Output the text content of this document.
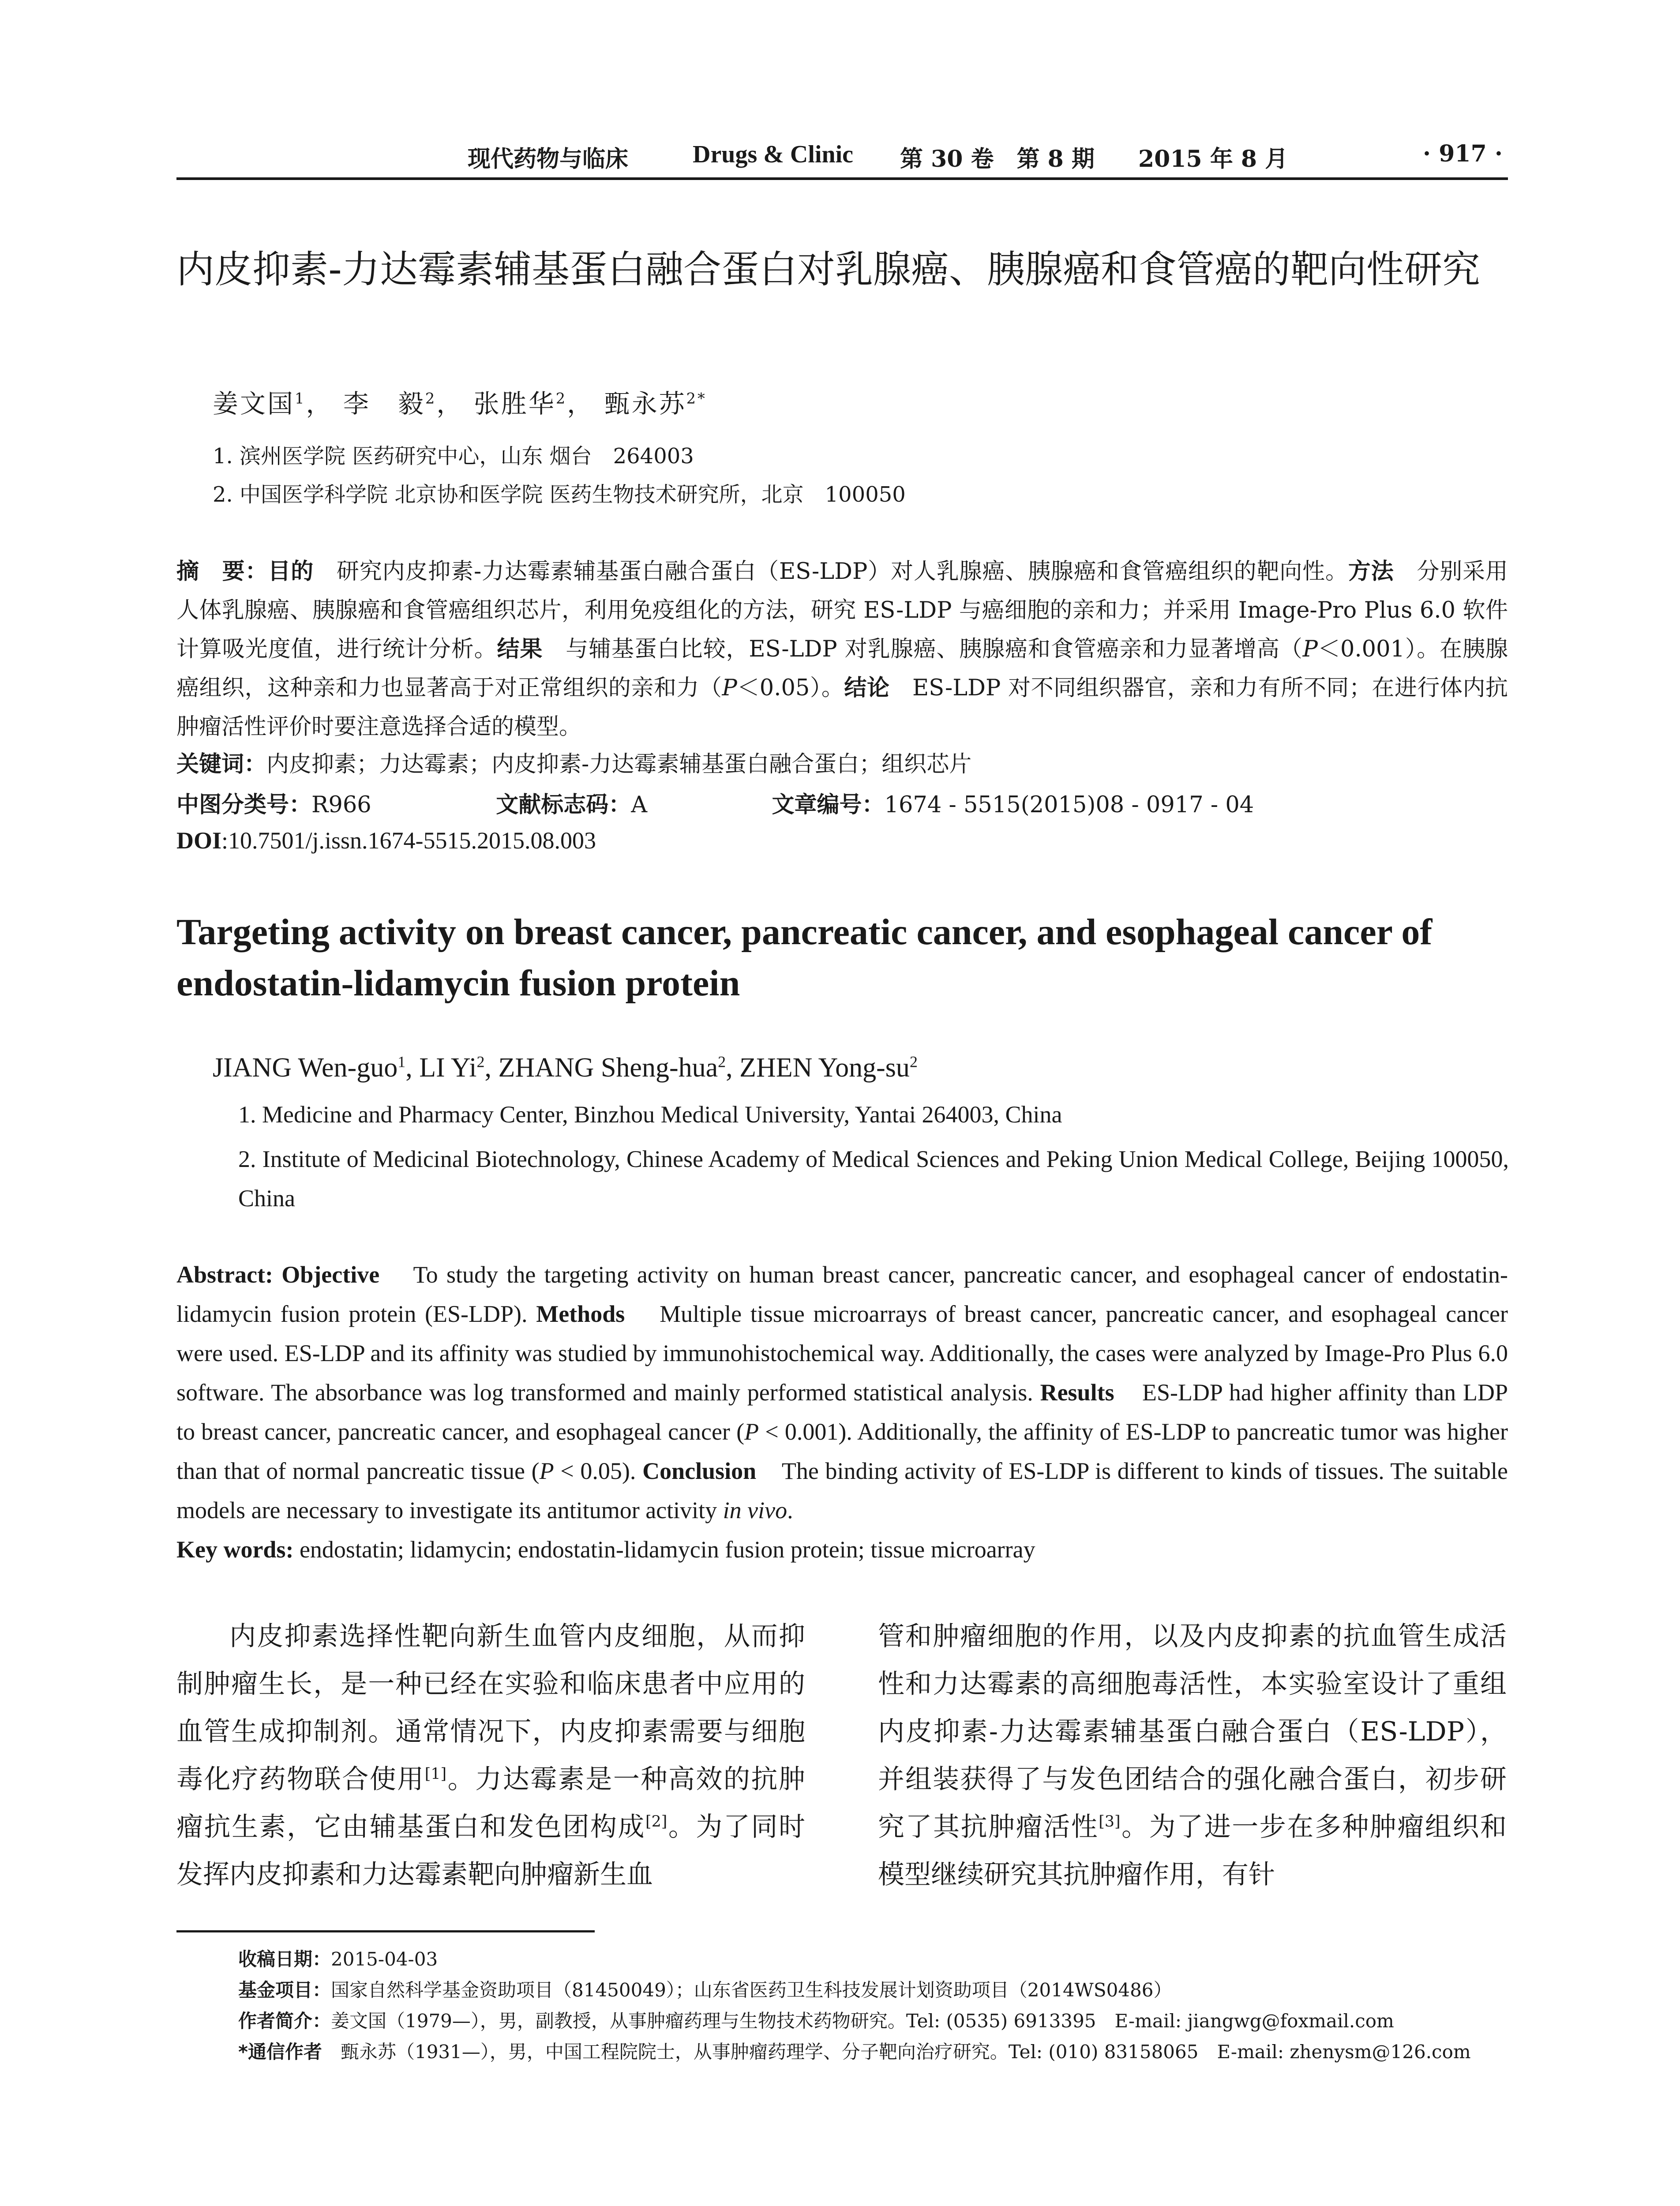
现代药物与临床	Drugs & Clinic 第 30 卷　第 8 期 2015 年 8 月	· 917 ·
内皮抑素-力达霉素辅基蛋白融合蛋白对乳腺癌、胰腺癌和食管癌的靶向性研究
姜文国$^1$， 李　毅$^2$， 张胜华$^2$， 甄永苏$^{2*}$
1. 滨州医学院 医药研究中心，山东 烟台　264003
2. 中国医学科学院 北京协和医学院 医药生物技术研究所，北京　100050
摘　要：目的　 研究内皮抑素-力达霉素辅基蛋白融合蛋白（ES-LDP）对人乳腺癌、胰腺癌和食管癌组织的靶向性。方法　 分别采用人体乳腺癌、胰腺癌和食管癌组织芯片，利用免疫组化的方法，研究 ES-LDP 与癌细胞的亲和力；并采用 Image-Pro Plus 6.0 软件计算吸光度值，进行统计分析。结果　 与辅基蛋白比较，ES-LDP 对乳腺癌、胰腺癌和食管癌亲和力显著增高（P＜0.001）。在胰腺癌组织，这种亲和力也显著高于对正常组织的亲和力（P＜0.05）。结论　 ES-LDP 对不同组织器官，亲和力有所不同；在进行体内抗肿瘤活性评价时要注意选择合适的模型。
关键词：内皮抑素；力达霉素；内皮抑素-力达霉素辅基蛋白融合蛋白；组织芯片
中图分类号：R966	文献标志码：A	文章编号：1674 - 5515(2015)08 - 0917 - 04
DOI:10.7501/j.issn.1674-5515.2015.08.003
Targeting activity on breast cancer, pancreatic cancer, and esophageal cancer of endostatin-lidamycin fusion protein
JIANG Wen-guo$^1$, LI Yi$^2$, ZHANG Sheng-hua$^2$, ZHEN Yong-$su^2$
1. Medicine and Pharmacy Center, Binzhou Medical University, Yantai 264003, China
2. Institute of Medicinal Biotechnology, Chinese Academy of Medical Sciences and Peking Union Medical College, Beijing 100050, China
Abstract: Objective To study the targeting activity on human breast cancer, pancreatic cancer, and esophageal cancer of endostatin-lidamycin fusion protein (ES-LDP). Methods Multiple tissue microarrays of breast cancer, pancreatic cancer, and esophageal cancer were used. ES-LDP and its affinity was studied by immunohistochemical way. Additionally, the cases were analyzed by Image-Pro Plus 6.0 software. The absorbance was log transformed and mainly performed statistical analysis. Results ES-LDP had higher affinity than LDP to breast cancer, pancreatic cancer, and esophageal cancer (P < 0.001). Additionally, the affinity of ES-LDP to pancreatic tumor was higher than that of normal pancreatic tissue (P < 0.05). Conclusion The binding activity of ES-LDP is different to kinds of tissues. The suitable models are necessary to investigate its antitumor activity in vivo.
Key words: endostatin; lidamycin; endostatin-lidamycin fusion protein; tissue microarray
内皮抑素选择性靶向新生血管内皮细胞，从而抑制肿瘤生长，是一种已经在实验和临床患者中应用的血管生成抑制剂。通常情况下，内皮抑素需要与细胞毒化疗药物联合使用[1]。力达霉素是一种高效的抗肿瘤抗生素，它由辅基蛋白和发色团构成[2]。为了同时发挥内皮抑素和力达霉素靶向肿瘤新生血
管和肿瘤细胞的作用，以及内皮抑素的抗血管生成活性和力达霉素的高细胞毒活性，本实验室设计了重组内皮抑素-力达霉素辅基蛋白融合蛋白（ES-LDP），并组装获得了与发色团结合的强化融合蛋白，初步研究了其抗肿瘤活性[3]。为了进一步在多种肿瘤组织和模型继续研究其抗肿瘤作用，有针
收稿日期：2015-04-03
基金项目：国家自然科学基金资助项目（81450049）；山东省医药卫生科技发展计划资助项目（2014WS0486）
作者简介：姜文国（1979—），男，副教授，从事肿瘤药理与生物技术药物研究。Tel: (0535) 6913395　E-mail: jiangwg@foxmail.com
*通信作者　 甄永苏（1931—），男，中国工程院院士，从事肿瘤药理学、分子靶向治疗研究。Tel: (010) 83158065　E-mail: zhenysm@126.com
